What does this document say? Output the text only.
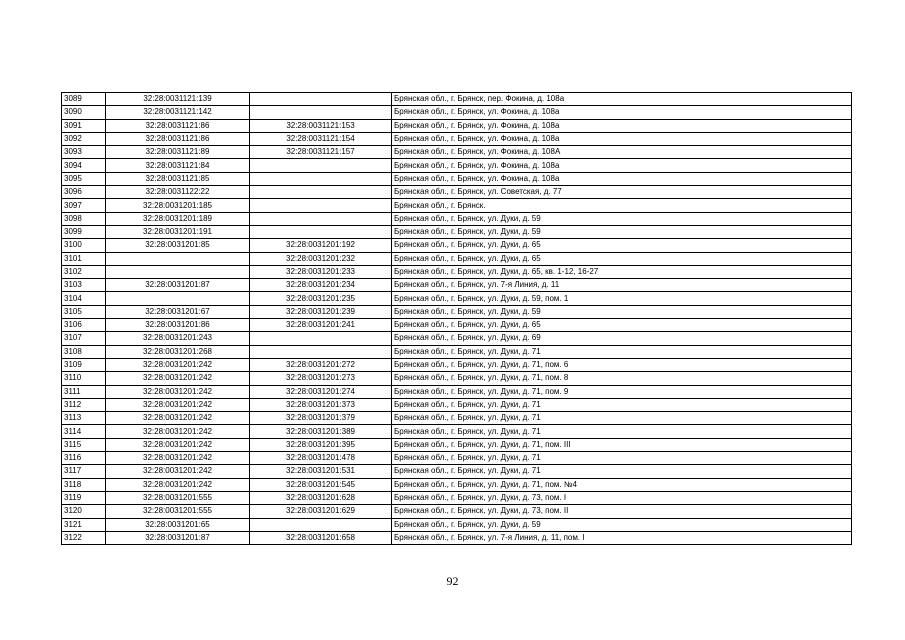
3089	32:28:0031121:139		Брянская обл., г. Брянск, пер. Фокина, д. 108а
3090	32:28:0031121:142		Брянская обл., г. Брянск, ул. Фокина, д. 108а
3091	32:28:0031121:86	32:28:0031121:153	Брянская обл., г. Брянск, ул. Фокина, д. 108а
3092	32:28:0031121:86	32:28:0031121:154	Брянская обл., г. Брянск, ул. Фокина, д. 108а
3093	32:28:0031121:89	32:28:0031121:157	Брянская обл., г. Брянск, ул. Фокина, д. 108А
3094	32:28:0031121:84		Брянская обл., г. Брянск, ул. Фокина, д. 108а
3095	32:28:0031121:85		Брянская обл., г. Брянск, ул. Фокина, д. 108а
3096	32:28:0031122:22		Брянская обл., г. Брянск, ул. Советская, д. 77
3097	32:28:0031201:185		Брянская обл., г. Брянск.
3098	32:28:0031201:189		Брянская обл., г. Брянск, ул. Дуки, д. 59
3099	32:28:0031201:191		Брянская обл., г. Брянск, ул. Дуки, д. 59
3100	32:28:0031201:85	32:28:0031201:192	Брянская обл., г. Брянск, ул. Дуки, д. 65
3101		32:28:0031201:232	Брянская обл., г. Брянск, ул. Дуки, д. 65
3102		32:28:0031201:233	Брянская обл., г. Брянск, ул. Дуки, д. 65, кв. 1-12, 16-27
3103	32:28:0031201:87	32:28:0031201:234	Брянская обл., г. Брянск, ул. 7-я Линия, д. 11
3104		32:28:0031201:235	Брянская обл., г. Брянск, ул. Дуки, д. 59, пом. 1
3105	32:28:0031201:67	32:28:0031201:239	Брянская обл., г. Брянск, ул. Дуки, д. 59
3106	32:28:0031201:86	32:28:0031201:241	Брянская обл., г. Брянск, ул. Дуки, д. 65
3107	32:28:0031201:243		Брянская обл., г. Брянск, ул. Дуки, д. 69
3108	32:28:0031201:268		Брянская обл., г. Брянск, ул. Дуки, д. 71
3109	32:28:0031201:242	32:28:0031201:272	Брянская обл., г. Брянск, ул. Дуки, д. 71, пом. 6
3110	32:28:0031201:242	32:28:0031201:273	Брянская обл., г. Брянск, ул. Дуки, д. 71, пом. 8
3111	32:28:0031201:242	32:28:0031201:274	Брянская обл., г. Брянск, ул. Дуки, д. 71, пом. 9
3112	32:28:0031201:242	32:28:0031201:373	Брянская обл., г. Брянск, ул. Дуки, д. 71
3113	32:28:0031201:242	32:28:0031201:379	Брянская обл., г. Брянск, ул. Дуки, д. 71
3114	32:28:0031201:242	32:28:0031201:389	Брянская обл., г. Брянск, ул. Дуки, д. 71
3115	32:28:0031201:242	32:28:0031201:395	Брянская обл., г. Брянск, ул. Дуки, д. 71, пом. III
3116	32:28:0031201:242	32:28:0031201:478	Брянская обл., г. Брянск, ул. Дуки, д. 71
3117	32:28:0031201:242	32:28:0031201:531	Брянская обл., г. Брянск, ул. Дуки, д. 71
3118	32:28:0031201:242	32:28:0031201:545	Брянская обл., г. Брянск, ул. Дуки, д. 71, пом. №4
3119	32:28:0031201:555	32:28:0031201:628	Брянская обл., г. Брянск, ул. Дуки, д. 73, пом. I
3120	32:28:0031201:555	32:28:0031201:629	Брянская обл., г. Брянск, ул. Дуки, д. 73, пом. II
3121	32:28:0031201:65		Брянская обл., г. Брянск, ул. Дуки, д. 59
3122	32:28:0031201:87	32:28:0031201:658	Брянская обл., г. Брянск, ул. 7-я Линия, д. 11, пом. I
92
